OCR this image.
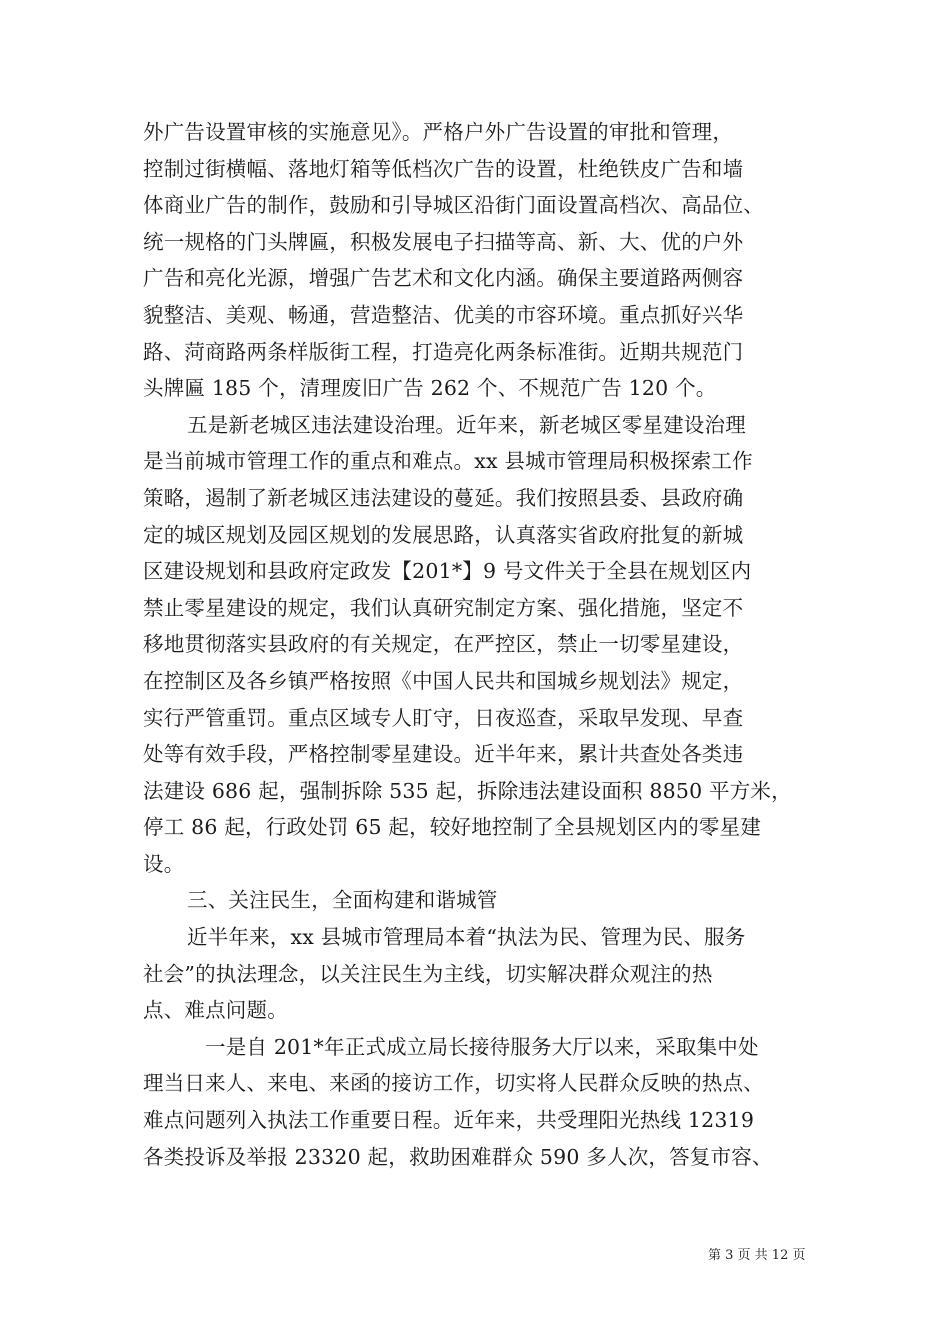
外广告设置审核的实施意见》。严格户外广告设置的审批和管理，
控制过街横幅、落地灯箱等低档次广告的设置，杜绝铁皮广告和墙
体商业广告的制作，鼓励和引导城区沿街门面设置高档次、高品位、
统一规格的门头牌匾，积极发展电子扫描等高、新、大、优的户外
广告和亮化光源，增强广告艺术和文化内涵。确保主要道路两侧容
貌整洁、美观、畅通，营造整洁、优美的市容环境。重点抓好兴华
路、菏商路两条样版街工程，打造亮化两条标准街。近期共规范门
头牌匾 185 个，清理废旧广告 262 个、不规范广告 120 个。
五是新老城区违法建设治理。近年来，新老城区零星建设治理
是当前城市管理工作的重点和难点。xx 县城市管理局积极探索工作
策略，遏制了新老城区违法建设的蔓延。我们按照县委、县政府确
定的城区规划及园区规划的发展思路，认真落实省政府批复的新城
区建设规划和县政府定政发【201*】9 号文件关于全县在规划区内
禁止零星建设的规定，我们认真研究制定方案、强化措施，坚定不
移地贯彻落实县政府的有关规定，在严控区，禁止一切零星建设，
在控制区及各乡镇严格按照《中国人民共和国城乡规划法》规定，
实行严管重罚。重点区域专人盯守，日夜巡查，采取早发现、早查
处等有效手段，严格控制零星建设。近半年来，累计共查处各类违
法建设 686 起，强制拆除 535 起，拆除违法建设面积 8850 平方米，
停工 86 起，行政处罚 65 起，较好地控制了全县规划区内的零星建
设。
三、关注民生，全面构建和谐城管
近半年来，xx 县城市管理局本着“执法为民、管理为民、服务
社会”的执法理念，以关注民生为主线，切实解决群众观注的热
点、难点问题。
一是自 201*年正式成立局长接待服务大厅以来，采取集中处
理当日来人、来电、来函的接访工作，切实将人民群众反映的热点、
难点问题列入执法工作重要日程。近年来，共受理阳光热线 12319
各类投诉及举报 23320 起，救助困难群众 590 多人次，答复市容、
第 3 页 共 12 页
